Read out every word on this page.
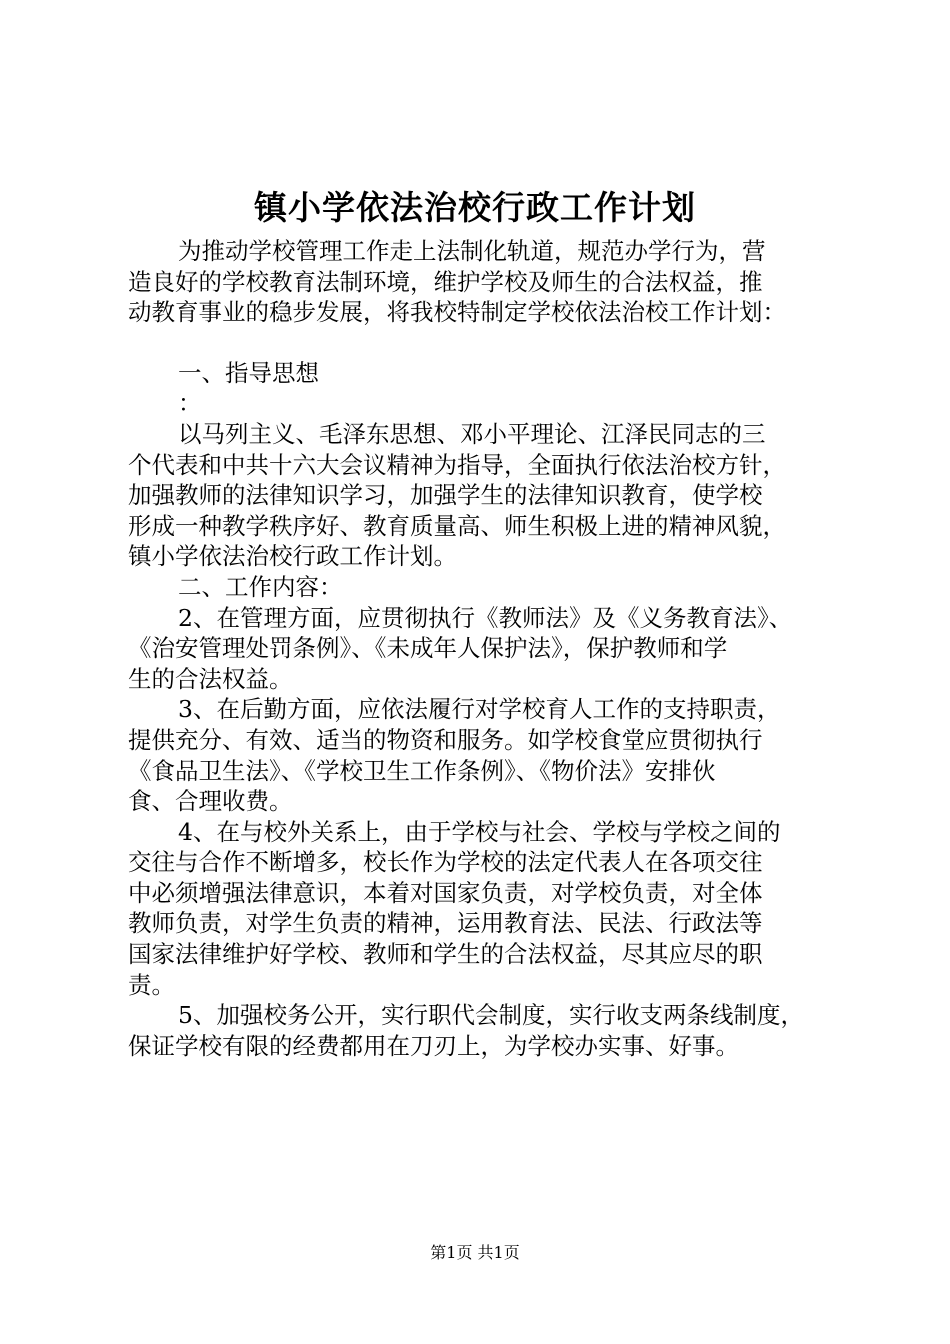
镇小学依法治校行政工作计划
为推动学校管理工作走上法制化轨道，规范办学行为，营
造良好的学校教育法制环境，维护学校及师生的合法权益，推
动教育事业的稳步发展，将我校特制定学校依法治校工作计划：
一、指导思想
：
以马列主义、毛泽东思想、邓小平理论、江泽民同志的三
个代表和中共十六大会议精神为指导，全面执行依法治校方针，
加强教师的法律知识学习，加强学生的法律知识教育，使学校
形成一种教学秩序好、教育质量高、师生积极上进的精神风貌，
镇小学依法治校行政工作计划。
二、工作内容：
2、在管理方面，应贯彻执行《教师法》及《义务教育法》、
《治安管理处罚条例》、《未成年人保护法》，保护教师和学
生的合法权益。
3、在后勤方面，应依法履行对学校育人工作的支持职责，
提供充分、有效、适当的物资和服务。如学校食堂应贯彻执行
《食品卫生法》、《学校卫生工作条例》、《物价法》安排伙
食、合理收费。
4、在与校外关系上，由于学校与社会、学校与学校之间的
交往与合作不断增多，校长作为学校的法定代表人在各项交往
中必须增强法律意识，本着对国家负责，对学校负责，对全体
教师负责，对学生负责的精神，运用教育法、民法、行政法等
国家法律维护好学校、教师和学生的合法权益，尽其应尽的职
责。
5、加强校务公开，实行职代会制度，实行收支两条线制度，
保证学校有限的经费都用在刀刃上，为学校办实事、好事。
第1页 共1页
